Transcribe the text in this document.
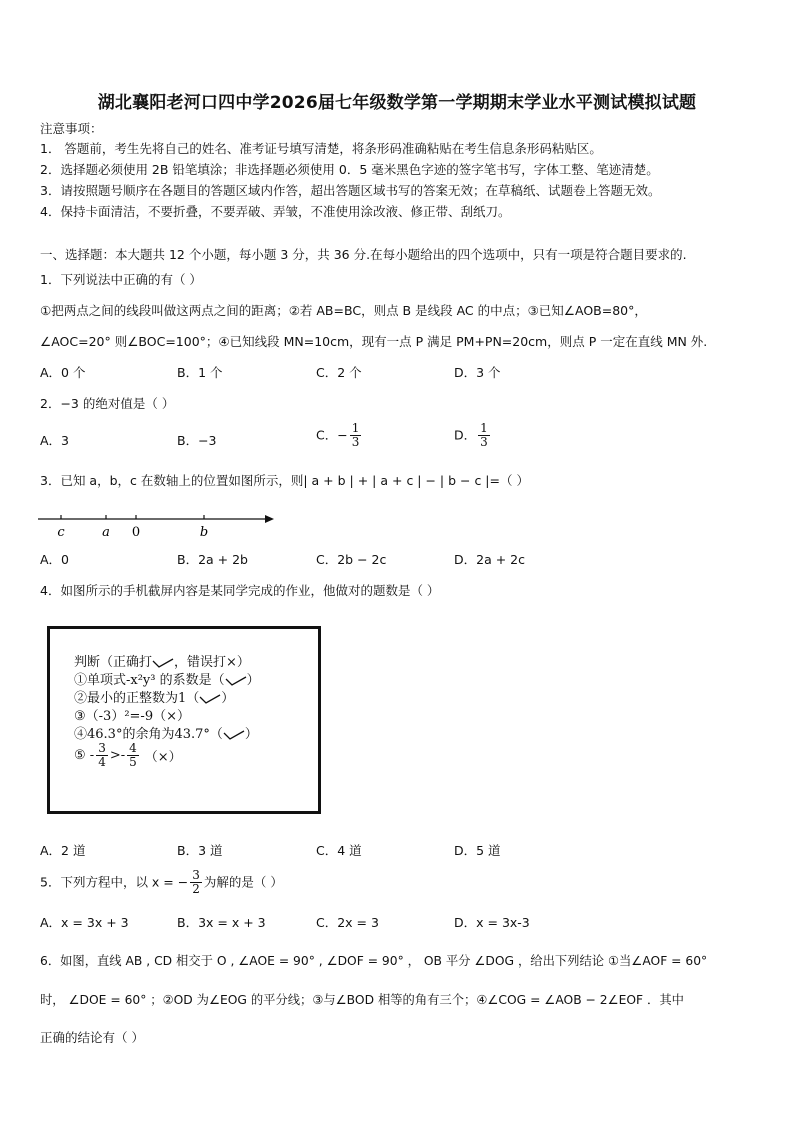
湖北襄阳老河口四中学2026届七年级数学第一学期期末学业水平测试模拟试题
注意事项：
1． 答题前，考生先将自己的姓名、准考证号填写清楚，将条形码准确粘贴在考生信息条形码粘贴区。
2．选择题必须使用 2B 铅笔填涂；非选择题必须使用 0．5 毫米黑色字迹的签字笔书写，字体工整、笔迹清楚。
3．请按照题号顺序在各题目的答题区域内作答，超出答题区域书写的答案无效；在草稿纸、试题卷上答题无效。
4．保持卡面清洁，不要折叠，不要弄破、弄皱，不准使用涂改液、修正带、刮纸刀。
一、选择题：本大题共 12 个小题，每小题 3 分，共 36 分.在每小题给出的四个选项中，只有一项是符合题目要求的.
1．下列说法中正确的有（ ）
①把两点之间的线段叫做这两点之间的距离；②若 AB=BC，则点 B 是线段 AC 的中点；③已知∠AOB=80°，
∠AOC=20° 则∠BOC=100°；④已知线段 MN=10cm，现有一点 P 满足 PM+PN=20cm，则点 P 一定在直线 MN 外.
A．0 个	B．1 个	C．2 个	D．3 个
2．−3 的绝对值是（ ）
A．3	B．−3	C．− $\frac{1}{3}$	D． $\frac{1}{3}$
3．已知 a，b，c 在数轴上的位置如图所示，则| a + b | + | a + c | − | b − c |=（ ）
c	a 0	b
A．0	B．2a + 2b	C．2b − 2c	D．2a + 2c
4．如图所示的手机截屏内容是某同学完成的作业，他做对的题数是（ ）
判断（正确打 ，错误打×）
①单项式-x²y³ 的系数是（ ）
②最小的正整数为1（ ）
③（-3）²=-9（×）
④46.3°的余角为43.7°（ ）
⑤ - $\frac{3}{4} >- \frac{4}{5}$ （×）
A．2 道	B．3 道	C．4 道	D．5 道
5．下列方程中，以 x = − $\frac{3}{2}$ 为解的是（ ）
A．x = 3x + 3	B．3x = x + 3	C．2x = 3	D．x = 3x-3
6．如图，直线 AB , CD 相交于 O , ∠AOE = 90° , ∠DOF = 90° ， OB 平分 ∠DOG ，给出下列结论 ①当∠AOF = 60°
时， ∠DOE = 60° ；②OD 为∠EOG 的平分线；③与∠BOD 相等的角有三个；④∠COG = ∠AOB − 2∠EOF ．其中
正确的结论有（ ）
